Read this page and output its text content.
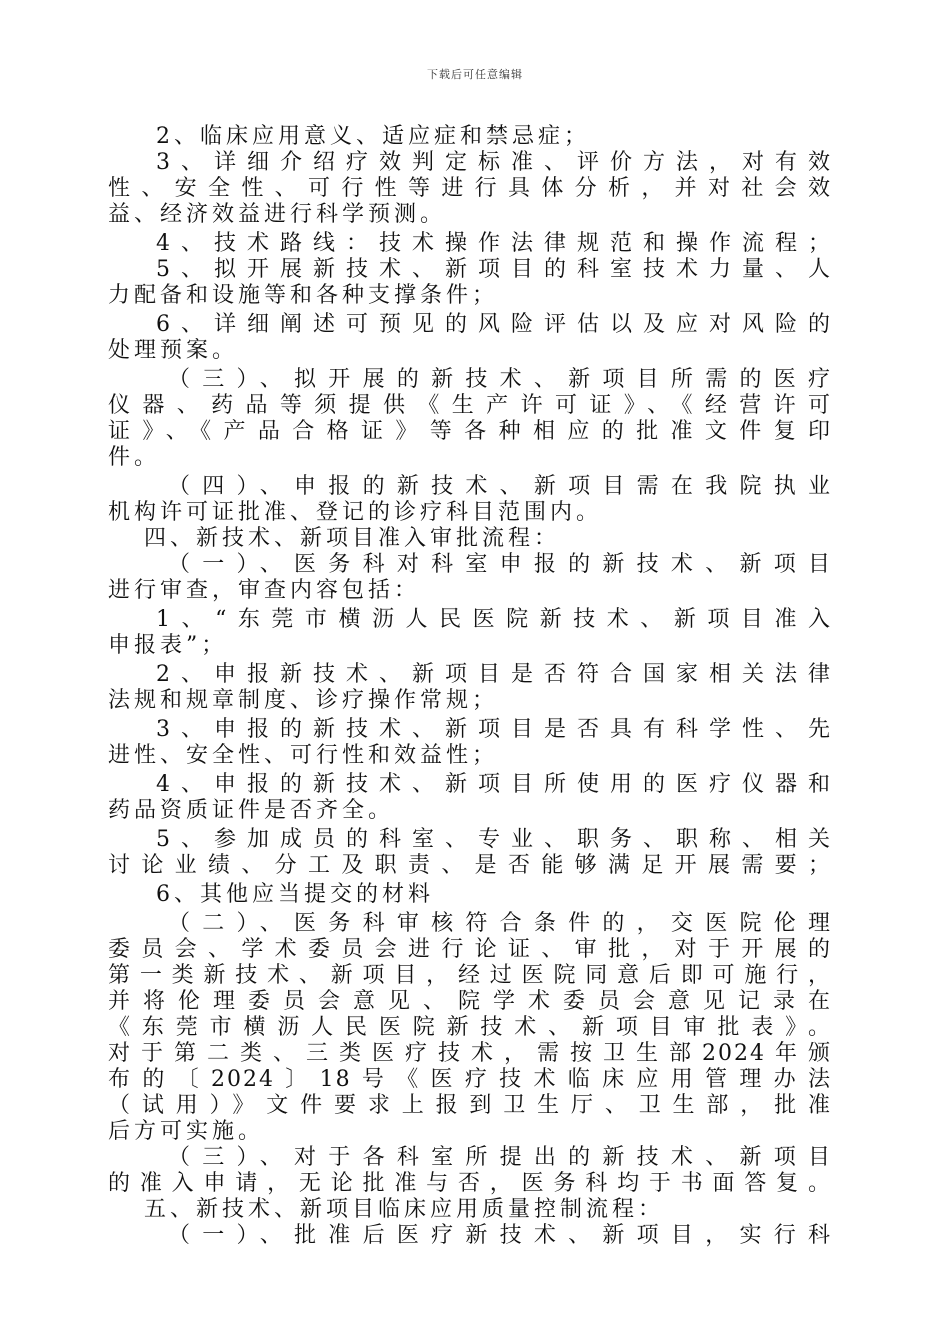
下载后可任意编辑
2、临床应用意义、适应症和禁忌症；
3、详细介绍疗效判定标准、评价方法，对有效
性、安全性、可行性等进行具体分析，并对社会效
益、经济效益进行科学预测。
4、技术路线：技术操作法律规范和操作流程；
5、拟开展新技术、新项目的科室技术力量、人
力配备和设施等和各种支撑条件；
6、详细阐述可预见的风险评估以及应对风险的
处理预案。
（三）、拟开展的新技术、新项目所需的医疗
仪器、药品等须提供《生产许可证》、《经营许可
证》、《产品合格证》等各种相应的批准文件复印
件。
（四）、申报的新技术、新项目需在我院执业
机构许可证批准、登记的诊疗科目范围内。
四、新技术、新项目准入审批流程：
（一）、医务科对科室申报的新技术、新项目
进行审查，审查内容包括：
1、“东莞市横沥人民医院新技术、新项目准入
申报表”；
2、申报新技术、新项目是否符合国家相关法律
法规和规章制度、诊疗操作常规；
3、申报的新技术、新项目是否具有科学性、先
进性、安全性、可行性和效益性；
4、申报的新技术、新项目所使用的医疗仪器和
药品资质证件是否齐全。
5、参加成员的科室、专业、职务、职称、相关
讨论业绩、分工及职责、是否能够满足开展需要；
6、其他应当提交的材料
（二）、医务科审核符合条件的，交医院伦理
委员会、学术委员会进行论证、审批，对于开展的
第一类新技术、新项目，经过医院同意后即可施行，
并将伦理委员会意见、院学术委员会意见记录在
《东莞市横沥人民医院新技术、新项目审批表》。
对于第二类、三类医疗技术，需按卫生部2024年颁
布的〔2024〕18号《医疗技术临床应用管理办法
（试用）》文件要求上报到卫生厅、卫生部，批准
后方可实施。
（三）、对于各科室所提出的新技术、新项目
的准入申请，无论批准与否，医务科均于书面答复。
五、新技术、新项目临床应用质量控制流程：
（一）、批准后医疗新技术、新项目，实行科
